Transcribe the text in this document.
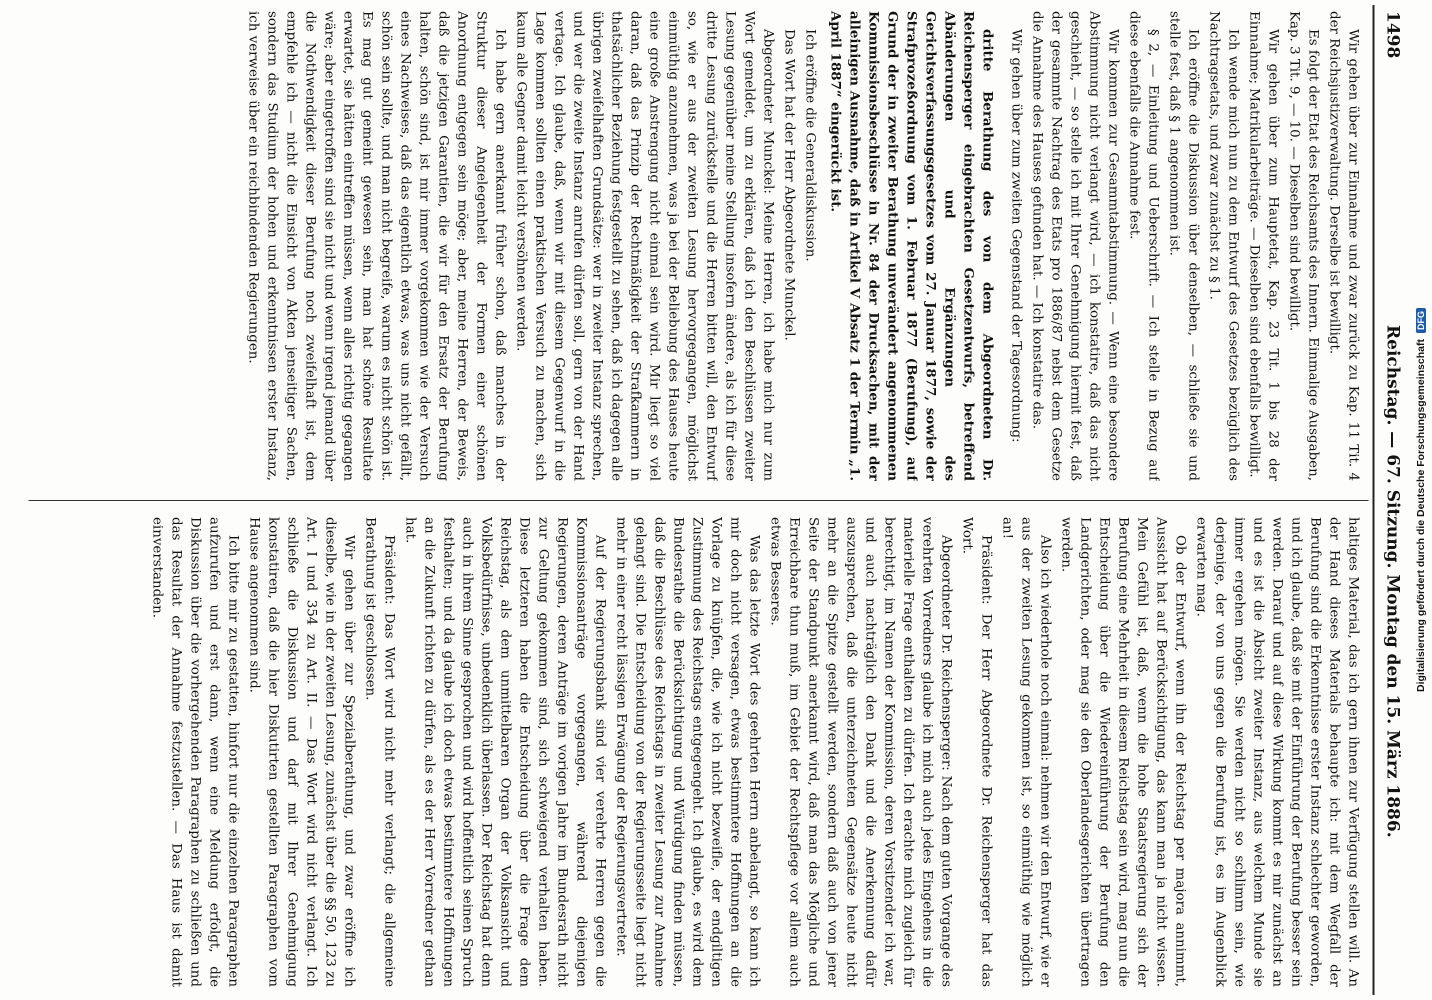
1498
Reichstag. — 67. Sitzung. Montag den 15. März 1886.

Wir gehen über zur Einnahme und zwar zurück zu Kap. 11 Tit. 4 der Reichsjustizverwaltung. Derselbe ist bewilligt.

Es folgt der Etat des Reichsamts des Innern. Einmalige Ausgaben, Kap. 3 Tit. 9, — 10. — Dieselben sind bewilligt.

Wir gehen über zum Hauptetat, Kap. 23 Tit. 1 bis 28 der Einnahme; Matrikularbeiträge. — Dieselben sind ebenfalls bewilligt.

Ich wende mich nun zu dem Entwurf des Gesetzes bezüglich des Nachtragsetats, und zwar zunächst zu § 1.

Ich eröffne die Diskussion über denselben, — schließe sie und stelle fest, daß § 1 angenommen ist.

§ 2, — Einleitung und Ueberschrift. — Ich stelle in Bezug auf diese ebenfalls die Annahme fest.

Wir kommen zur Gesammtabstimmung. — Wenn eine besondere Abstimmung nicht verlangt wird, — ich konstatire, daß das nicht geschieht, — so stelle ich mit Ihrer Genehmigung hiermit fest, daß der gesammte Nachtrag des Etats pro 1886/87 nebst dem Gesetze die Annahme des Hauses gefunden hat. — Ich konstatire das.

Wir gehen über zum zweiten Gegenstand der Tagesordnung:

dritte Berathung des von dem Abgeordneten Dr. Reichensperger eingebrachten Gesetzentwurfs, betreffend Abänderungen und Ergänzungen des Gerichtsverfassungsgesetzes vom 27. Januar 1877, sowie der Strafprozeßordnung vom 1. Februar 1877 (Berufung), auf Grund der in zweiter Berathung unverändert angenommenen Kommissionsbeschlüsse in Nr. 84 der Drucksachen, mit der alleinigen Ausnahme, daß in Artikel V Absatz 1 der Termin „1. April 1887“ eingerückt ist.

Ich eröffne die Generaldiskussion.

Das Wort hat der Herr Abgeordnete Munckel.

Abgeordneter Munckel: Meine Herren, ich habe mich nur zum Wort gemeldet, um zu erklären, daß ich den Beschlüssen zweiter Lesung gegenüber meine Stellung insofern ändere, als ich für diese dritte Lesung zurückstelle und die Herren bitten will, den Entwurf so, wie er aus der zweiten Lesung hervorgegangen, möglichst einmüthig anzunehmen, was ja bei der Beliebung des Hauses heute eine große Anstrengung nicht einmal sein wird. Mir liegt so viel daran, daß das Prinzip der Rechtmäßigkeit der Strafkammern in thatsächlicher Beziehung festgestellt zu sehen, daß ich dagegen alle übrigen zweifelhaften Grundsätze: wer in zweiter Instanz sprechen, und wer die zweite Instanz anrufen dürfen soll, gern von der Hand vertage. Ich glaube, daß, wenn wir mit diesem Gegenwurf in die Lage kommen sollten einen praktischen Versuch zu machen, sich kaum alle Gegner damit leicht versöhnen werden.

Ich habe gern anerkannt früher schon, daß manches in der Struktur dieser Angelegenheit der Formen einer schönen Anordnung entgegen sein möge; aber, meine Herren, der Beweis, daß die jetzigen Garantien, die wir für den Ersatz der Berufung halten, schön sind, ist mir immer vorgekommen wie der Versuch eines Nachweises, daß das eigentlich etwas, was uns nicht gefällt, schön sein sollte, und man nicht begreife, warum es nicht schön ist. Es mag gut gemeint gewesen sein, man hat schöne Resultate erwartet, sie hätten eintreffen müssen, wenn alles richtig gegangen wäre; aber eingetroffen sind sie nicht und wenn irgend jemand über die Nothwendigkeit dieser Berufung noch zweifelhaft ist, dem empfehle ich — nicht die Einsicht von Akten jenseitiger Sachen, sondern das Studium der hohen und erkenntnissen erster Instanz, ich verweise über ein reichbindenden Regierungen.

haltiges Material, das ich gern ihnen zur Verfügung stellen will. An der Hand dieses Materials behaupte ich: mit dem Wegfall der Berufung sind die Erkenntnisse erster Instanz schlechter geworden, und ich glaube, daß sie mit der Einführung der Berufung besser sein werden. Darauf und auf diese Wirkung kommt es mir zunächst an und es ist die Absicht zweiter Instanz, aus welchem Munde sie immer ergehen mögen. Sie werden nicht so schlimm sein, wie derjenige, der von uns gegen die Berufung ist, es im Augenblick erwarten mag.

Ob der Entwurf, wenn ihn der Reichstag per majora annimmt, Aussicht hat auf Berücksichtigung, das kann man ja nicht wissen. Mein Gefühl ist, daß, wenn die hohe Staatsregierung sich der Berufung eine Mehrheit in diesem Reichstag sein wird, mag nun die Entscheidung über die Wiedereinführung der Berufung den Landgerichten, oder mag sie den Oberlandesgerichten übertragen werden.

Also ich wiederhole noch einmal: nehmen wir den Entwurf, wie er aus der zweiten Lesung gekommen ist, so einmüthig wie möglich an!

Präsident: Der Herr Abgeordnete Dr. Reichensperger hat das Wort.

Abgeordneter Dr. Reichensperger: Nach dem guten Vorgange des verehrten Vorredners glaube ich mich auch jedes Eingehens in die materielle Frage enthalten zu dürfen. Ich erachte mich zugleich für berechtigt, im Namen der Kommission, deren Vorsitzender ich war, und auch nachträglich den Dank und die Anerkennung dafür auszusprechen, daß die unterzeichneten Gegensätze heute nicht mehr an die Spitze gestellt werden, sondern daß auch von jener Seite der Standpunkt anerkannt wird, daß man das Mögliche und Erreichbare thun muß, im Gebiet der Rechtspflege vor allem auch etwas Besseres.

Was das letzte Wort des geehrten Herrn anbelangt, so kann ich mir doch nicht versagen, etwas bestimmtere Hoffnungen an die Vorlage zu knüpfen, die, wie ich nicht bezweifle, der endgiltigen Zustimmung des Reichstags entgegengeht. Ich glaube, es wird dem Bundesrathe die Berücksichtigung und Würdigung finden müssen, daß die Beschlüsse des Reichstags in zweiter Lesung zur Annahme gelangt sind. Die Entscheidung von der Regierungsseite liegt nicht mehr in einer recht lässigen Erwägung der Regierungsvertreter.

Auf der Regierungsbank sind vier verehrte Herren gegen die Kommissionsanträge vorgegangen, während diejenigen Regierungen, deren Anträge im vorigen Jahre im Bundesrath nicht zur Geltung gekommen sind, sich schweigend verhalten haben. Diese letzteren haben die Entscheidung über die Frage dem Reichstag, als dem unmittelbaren Organ der Volksansicht und Volksbedürfnisse, unbedenklich überlassen. Der Reichstag hat denn auch in ihrem Sinne gesprochen und wird hoffentlich seinen Spruch festhalten; und da glaube ich doch etwas bestimmtere Hoffnungen an die Zukunft richten zu dürfen, als es der Herr Vorredner gethan hat.

Präsident: Das Wort wird nicht mehr verlangt; die allgemeine Berathung ist geschlossen.

Wir gehen über zur Spezialberathung, und zwar eröffne ich dieselbe, wie in der zweiten Lesung, zunächst über die §§ 50, 123 zu Art. I und 354 zu Art. II. — Das Wort wird nicht verlangt. Ich schließe die Diskussion und darf mit Ihrer Genehmigung konstatiren, daß die hier Diskutirten gestellten Paragraphen vom Hause angenommen sind.

Ich bitte mir zu gestatten, hinfort nur die einzelnen Paragraphen aufzurufen und erst dann, wenn eine Meldung erfolgt, die Diskussion über die vorhergehenden Paragraphen zu schließen und das Resultat der Annahme festzustellen. — Das Haus ist damit einverstanden.	Digitalisierung gefördert durch die Deutsche ForschungsgemeinschaftDFG
